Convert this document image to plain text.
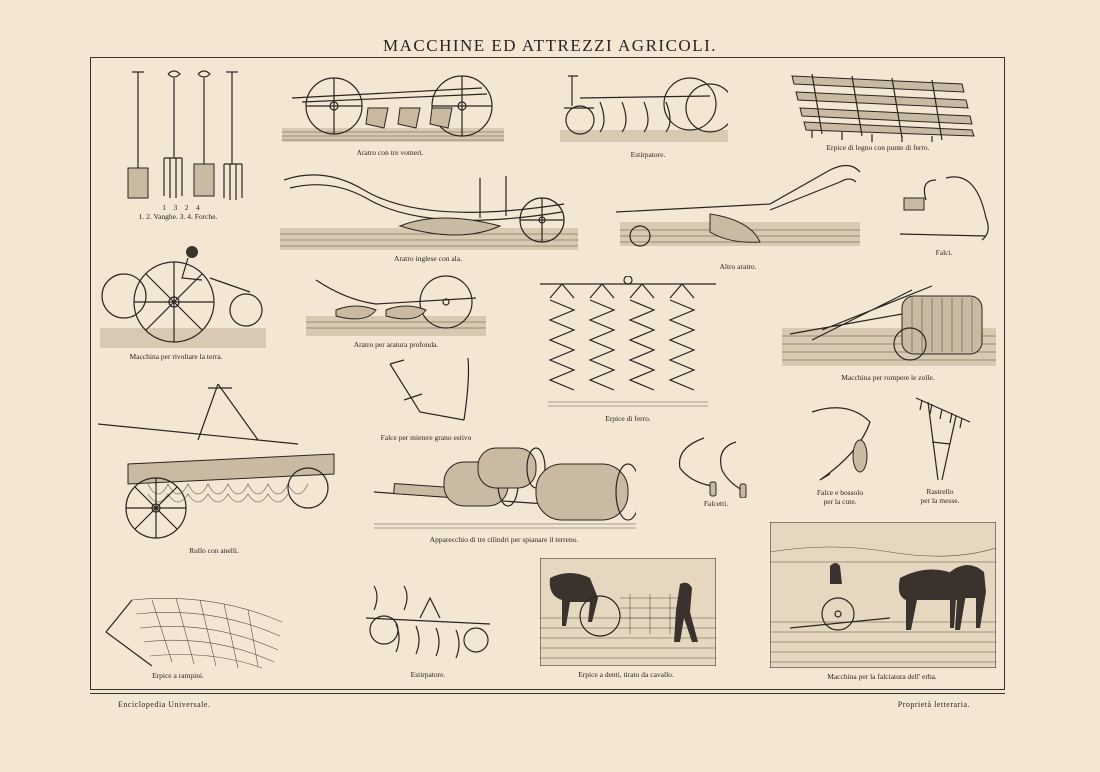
MACCHINE ED ATTREZZI AGRICOLI.
Enciclopedia Universale.	Proprietà letteraria.
1    3    2    4
1. 2. Vanghe. 3. 4. Forche.
Aratro con tre vomeri.	Estirpatore.
Erpice di legno con punte di ferro.
Aratro inglese con ala.
Altro aratro.
Falci.
Macchina per rivoltare la terra.
Aratro per aratura profonda.
Erpice di ferro.
Macchina per rompere le zolle.
Falce per mietere grano estivo
Falce e bossolo
per la cute.
Rastrello
per la messe.
Rullo con anelli.
Apparecchio di tre cilindri per spianare il terreno.
Falcetti.
Erpice a rampini.	Estirpatore.	Erpice a denti, tirato da cavallo.	Macchina per la falciatura dell' erba.
